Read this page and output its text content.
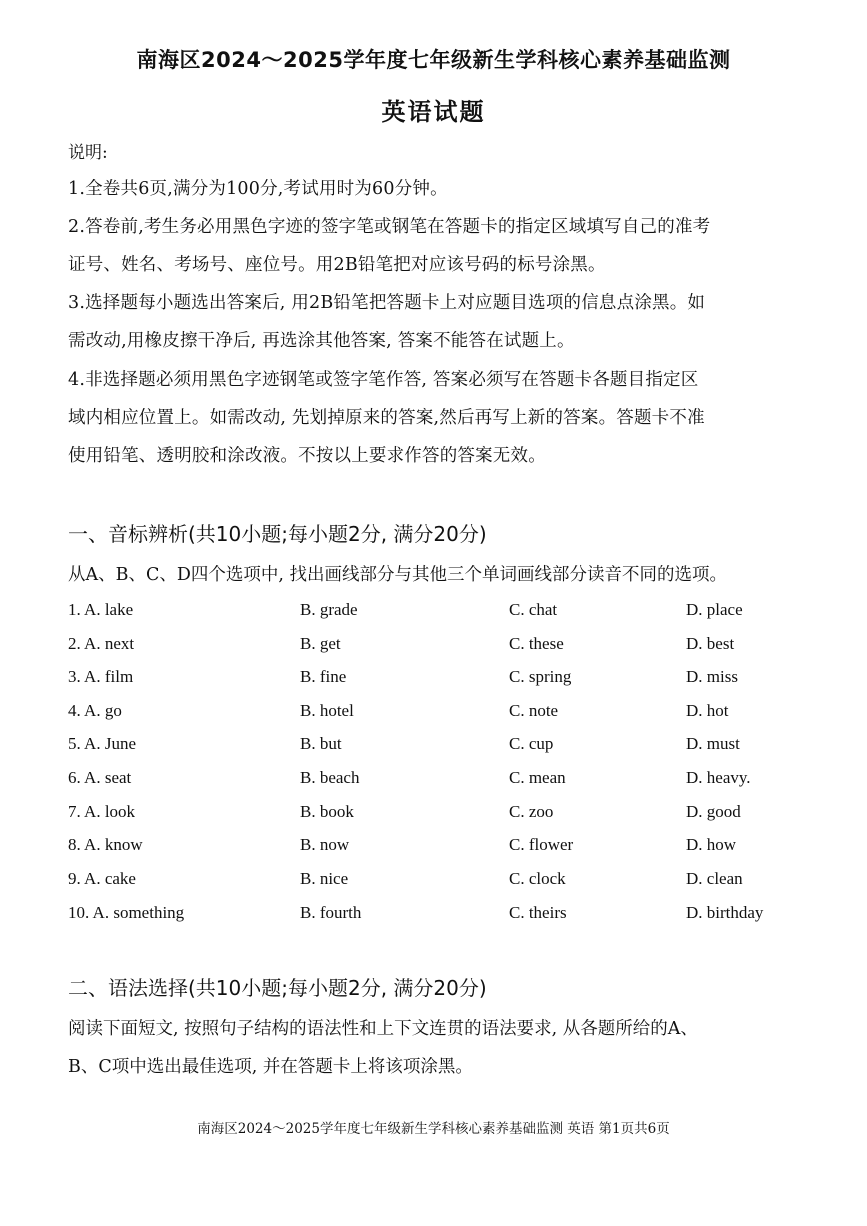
南海区2024～2025学年度七年级新生学科核心素养基础监测
英语试题
说明:
1.全卷共6页,满分为100分,考试用时为60分钟。
2.答卷前,考生务必用黑色字迹的签字笔或钢笔在答题卡的指定区域填写自己的准考
证号、姓名、考场号、座位号。用2B铅笔把对应该号码的标号涂黑。
3.选择题每小题选出答案后, 用2B铅笔把答题卡上对应题目选项的信息点涂黑。如
需改动,用橡皮擦干净后, 再选涂其他答案, 答案不能答在试题上。
4.非选择题必须用黑色字迹钢笔或签字笔作答, 答案必须写在答题卡各题目指定区
域内相应位置上。如需改动, 先划掉原来的答案,然后再写上新的答案。答题卡不准
使用铅笔、透明胶和涂改液。不按以上要求作答的答案无效。
一、音标辨析(共10小题;每小题2分, 满分20分)
从A、B、C、D四个选项中, 找出画线部分与其他三个单词画线部分读音不同的选项。
1. A. lake	B. grade	C. chat	D. place
2. A. next	B. get	C. these	D. best
3. A. film	B. fine	C. spring	D. miss
4. A. go	B. hotel	C. note	D. hot
5. A. June	B. but	C. cup	D. must
6. A. seat	B. beach	C. mean	D. heavy.
7. A. look	B. book	C. zoo	D. good
8. A. know	B. now	C. flower	D. how
9. A. cake	B. nice	C. clock	D. clean
10. A. something	B. fourth	C. theirs	D. birthday
二、语法选择(共10小题;每小题2分, 满分20分)
阅读下面短文, 按照句子结构的语法性和上下文连贯的语法要求, 从各题所给的A、
B、C项中选出最佳选项, 并在答题卡上将该项涂黑。
南海区2024～2025学年度七年级新生学科核心素养基础监测 英语 第1页共6页
